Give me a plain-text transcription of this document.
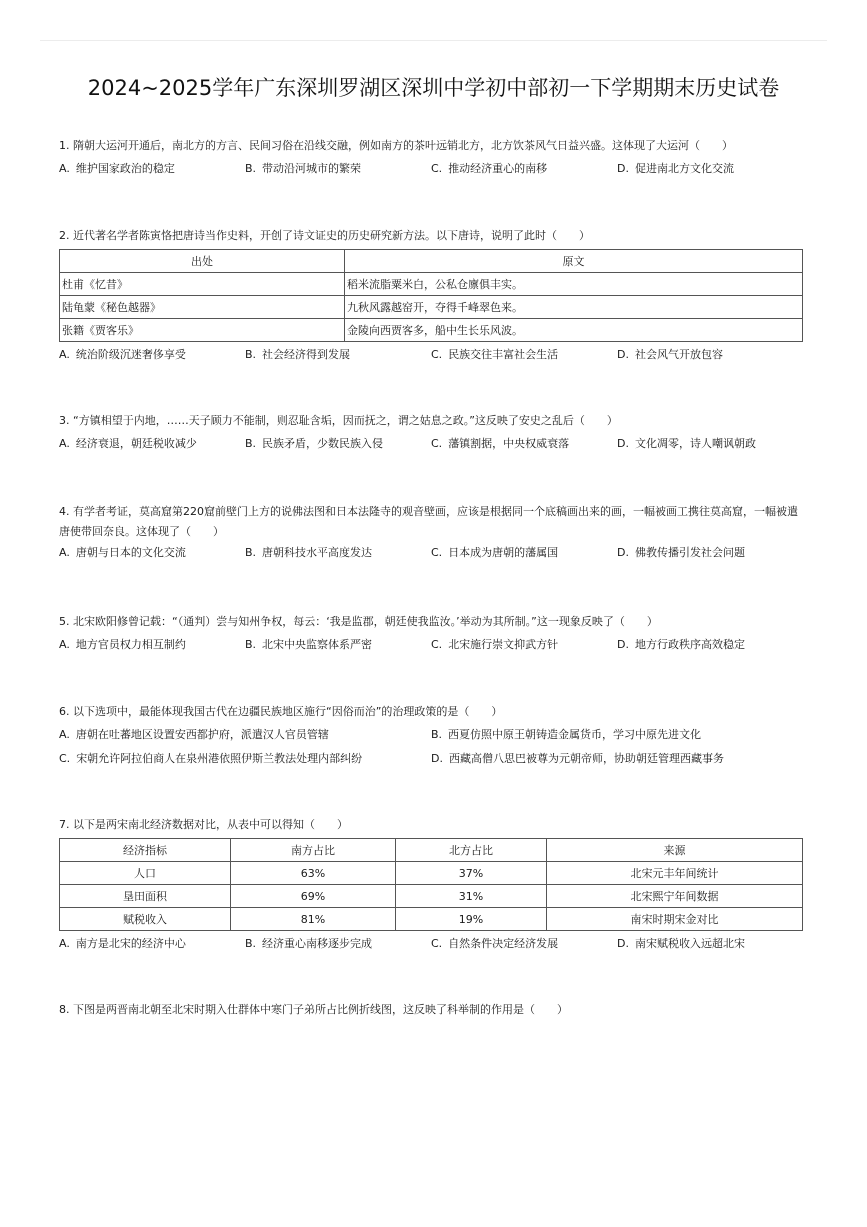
2024~2025学年广东深圳罗湖区深圳中学初中部初一下学期期末历史试卷

1. 隋朝大运河开通后，南北方的方言、民间习俗在沿线交融，例如南方的茶叶远销北方，北方饮茶风气日益兴盛。这体现了大运河（　　）

A. 维护国家政治的稳定	B. 带动沿河城市的繁荣	C. 推动经济重心的南移	D. 促进南北方文化交流

2. 近代著名学者陈寅恪把唐诗当作史料，开创了诗文证史的历史研究新方法。以下唐诗，说明了此时（　　）

出处	原文
杜甫《忆昔》	稻米流脂粟米白，公私仓廪俱丰实。
陆龟蒙《秘色越器》	九秋风露越窑开，夺得千峰翠色来。
张籍《贾客乐》	金陵向西贾客多，船中生长乐风波。
A. 统治阶级沉迷奢侈享受	B. 社会经济得到发展	C. 民族交往丰富社会生活	D. 社会风气开放包容

3. “方镇相望于内地，……天子顾力不能制，则忍耻含垢，因而抚之，谓之姑息之政。”这反映了安史之乱后（　　）

A. 经济衰退，朝廷税收减少	B. 民族矛盾，少数民族入侵	C. 藩镇割据，中央权威衰落	D. 文化凋零，诗人嘲讽朝政

4. 有学者考证，莫高窟第220窟前壁门上方的说佛法图和日本法隆寺的观音壁画，应该是根据同一个底稿画出来的画，一幅被画工携往莫高窟，一幅被遣唐使带回奈良。这体现了（　　）

A. 唐朝与日本的文化交流	B. 唐朝科技水平高度发达	C. 日本成为唐朝的藩属国	D. 佛教传播引发社会问题

5. 北宋欧阳修曾记载：“（通判）尝与知州争权，每云：‘我是监郡，朝廷使我监汝。’举动为其所制。”这一现象反映了（　　）

A. 地方官员权力相互制约	B. 北宋中央监察体系严密	C. 北宋施行崇文抑武方针	D. 地方行政秩序高效稳定

6. 以下选项中，最能体现我国古代在边疆民族地区施行“因俗而治”的治理政策的是（　　）

A. 唐朝在吐蕃地区设置安西都护府，派遣汉人官员管辖	B. 西夏仿照中原王朝铸造金属货币，学习中原先进文化
C. 宋朝允许阿拉伯商人在泉州港依照伊斯兰教法处理内部纠纷	D. 西藏高僧八思巴被尊为元朝帝师，协助朝廷管理西藏事务

7. 以下是两宋南北经济数据对比，从表中可以得知（　　）

经济指标	南方占比	北方占比	来源
人口	63%	37%	北宋元丰年间统计
垦田面积	69%	31%	北宋熙宁年间数据
赋税收入	81%	19%	南宋时期宋金对比
A. 南方是北宋的经济中心	B. 经济重心南移逐步完成	C. 自然条件决定经济发展	D. 南宋赋税收入远超北宋

8. 下图是两晋南北朝至北宋时期入仕群体中寒门子弟所占比例折线图，这反映了科举制的作用是（　　）
